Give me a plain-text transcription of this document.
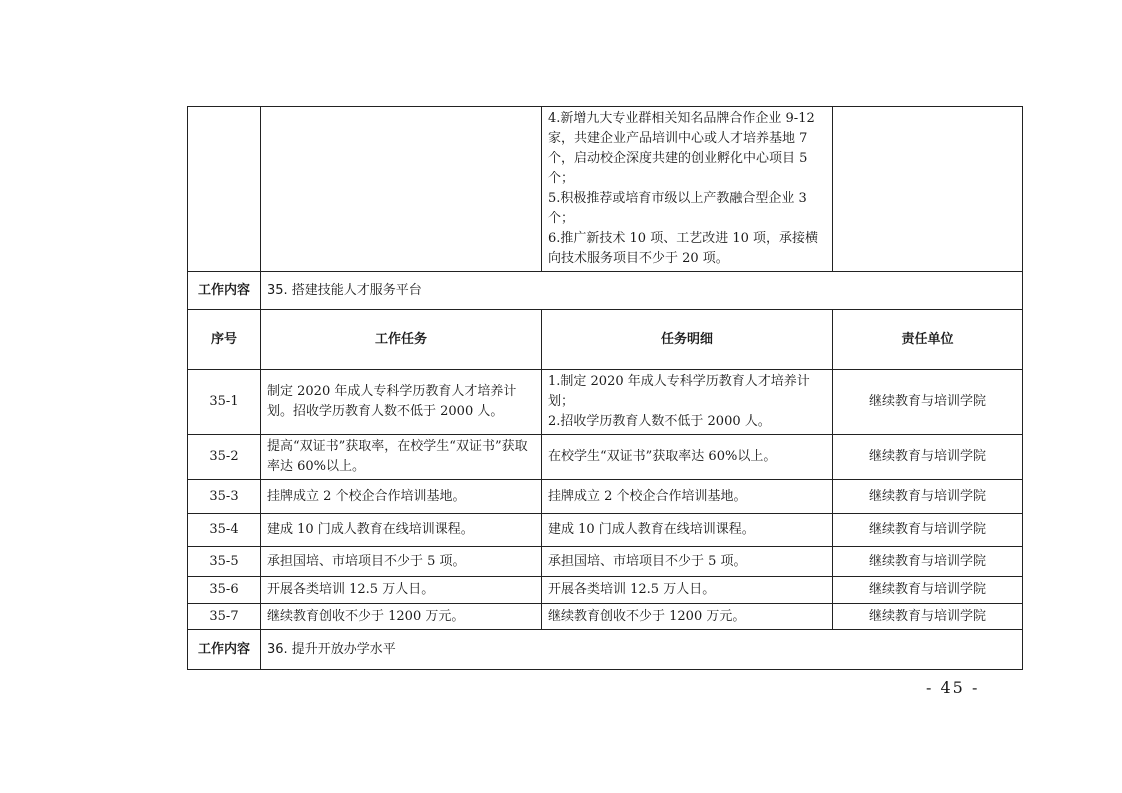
		4.新增九大专业群相关知名品牌合作企业 9-12 家，共建企业产品培训中心或人才培养基地 7 个，启动校企深度共建的创业孵化中心项目 5 个；
5.积极推荐或培育市级以上产教融合型企业 3 个；
6.推广新技术 10 项、工艺改进 10 项，承接横向技术服务项目不少于 20 项。	

工作内容	35. 搭建技能人才服务平台		
序号	工作任务	任务明细	责任单位
35-1	制定 2020 年成人专科学历教育人才培养计划。招收学历教育人数不低于 2000 人。	1.制定 2020 年成人专科学历教育人才培养计划；
2.招收学历教育人数不低于 2000 人。	继续教育与培训学院
35-2	提高“双证书”获取率，在校学生“双证书”获取率达 60%以上。	在校学生“双证书”获取率达 60%以上。	继续教育与培训学院
35-3	挂牌成立 2 个校企合作培训基地。	挂牌成立 2 个校企合作培训基地。	继续教育与培训学院
35-4	建成 10 门成人教育在线培训课程。	建成 10 门成人教育在线培训课程。	继续教育与培训学院
35-5	承担国培、市培项目不少于 5 项。	承担国培、市培项目不少于 5 项。	继续教育与培训学院
35-6	开展各类培训 12.5 万人日。	开展各类培训 12.5 万人日。	继续教育与培训学院
35-7	继续教育创收不少于 1200 万元。	继续教育创收不少于 1200 万元。	继续教育与培训学院
工作内容	36. 提升开放办学水平		
- 45 -
